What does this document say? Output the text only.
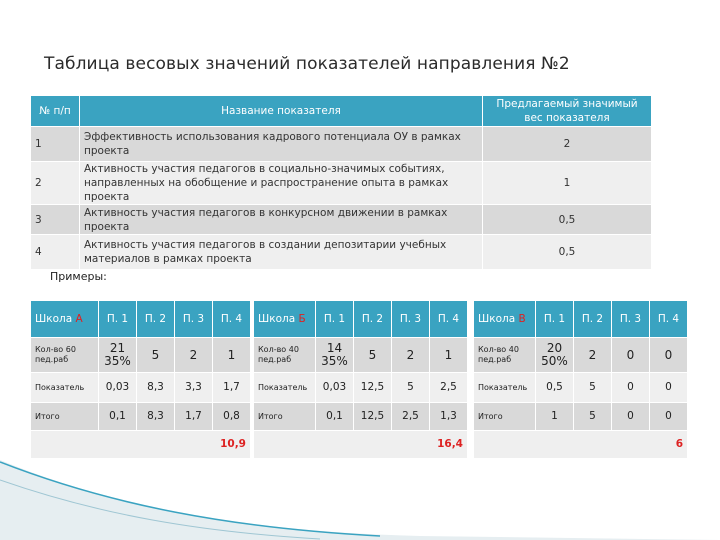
Таблица весовых значений показателей направления №2
№ п/п	Название показателя	Предлагаемый значимый вес показателя
1	Эффективность использования кадрового потенциала ОУ в рамках проекта	2
2	Активность участия педагогов в социально-значимых событиях, направленных на обобщение и распространение опыта в рамках проекта	1
3	Активность участия педагогов в конкурсном движении в рамках проекта	0,5
4	Активность участия педагогов в создании депозитарии учебных материалов в рамках проекта	0,5
Примеры:
Школа А	П. 1	П. 2	П. 3	П. 4
Кол-во 60 пед.раб	21 35%	5	2	1
Показатель	0,03	8,3	3,3	1,7
Итого	0,1	8,3	1,7	0,8
10,9				
Школа Б	П. 1	П. 2	П. 3	П. 4
Кол-во 40 пед.раб	14 35%	5	2	1
Показатель	0,03	12,5	5	2,5
Итого	0,1	12,5	2,5	1,3
16,4				
Школа В	П. 1	П. 2	П. 3	П. 4
Кол-во 40 пед.раб	20 50%	2	0	0
Показатель	0,5	5	0	0
Итого	1	5	0	0
6				
